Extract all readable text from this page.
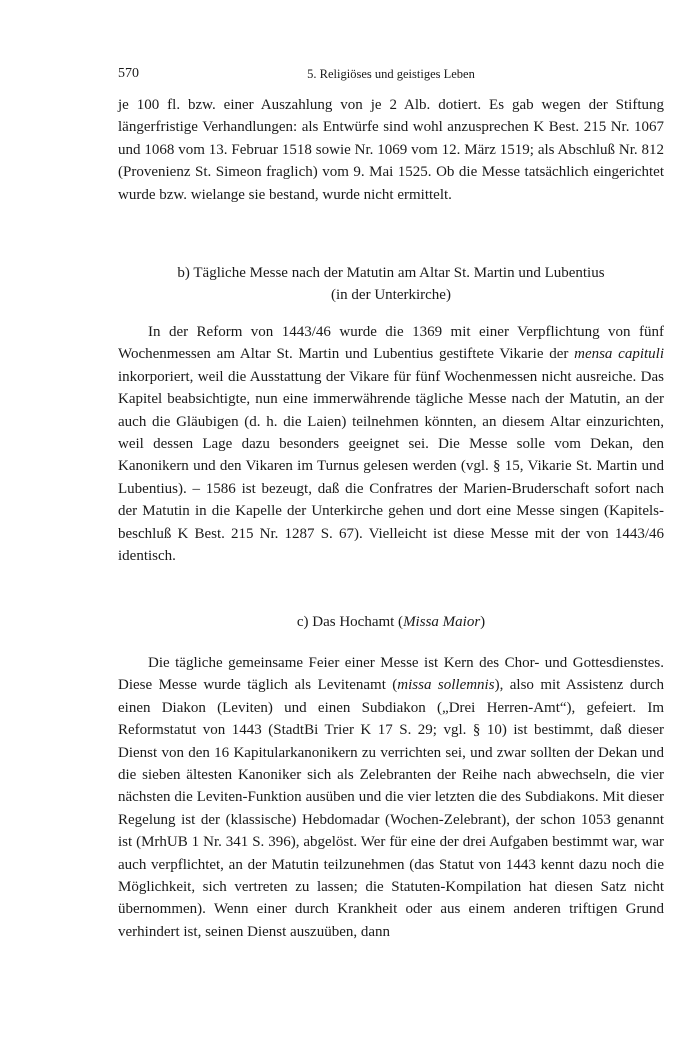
570	5. Religiöses und geistiges Leben

je 100 fl. bzw. einer Auszahlung von je 2 Alb. dotiert. Es gab wegen der Stiftung längerfristige Verhandlungen: als Entwürfe sind wohl anzusprechen K Best. 215 Nr. 1067 und 1068 vom 13. Februar 1518 sowie Nr. 1069 vom 12. März 1519; als Abschluß Nr. 812 (Provenienz St. Simeon fraglich) vom 9. Mai 1525. Ob die Messe tatsächlich eingerichtet wurde bzw. wielange sie bestand, wurde nicht ermittelt.

b) Tägliche Messe nach der Matutin am Altar St. Martin und Lubentius
(in der Unterkirche)

In der Reform von 1443/46 wurde die 1369 mit einer Verpflichtung von fünf Wochenmessen am Altar St. Martin und Lubentius gestiftete Vikarie der mensa capituli inkorporiert, weil die Ausstattung der Vikare für fünf Wochenmessen nicht ausreiche. Das Kapitel beabsichtigte, nun eine immerwährende tägliche Messe nach der Matutin, an der auch die Gläubigen (d. h. die Laien) teilnehmen könnten, an diesem Altar einzurichten, weil dessen Lage dazu besonders geeignet sei. Die Messe solle vom Dekan, den Kanonikern und den Vikaren im Turnus gelesen werden (vgl. § 15, Vikarie St. Martin und Lubentius). – 1586 ist bezeugt, daß die Confratres der Marien-Bruderschaft sofort nach der Matutin in die Kapelle der Unterkirche gehen und dort eine Messe singen (Kapitelsbeschluß K Best. 215 Nr. 1287 S. 67). Vielleicht ist diese Messe mit der von 1443/46 identisch.

c) Das Hochamt (Missa Maior)

Die tägliche gemeinsame Feier einer Messe ist Kern des Chor- und Gottesdienstes. Diese Messe wurde täglich als Levitenamt (missa sollemnis), also mit Assistenz durch einen Diakon (Leviten) und einen Subdiakon („Drei Herren-Amt“), gefeiert. Im Reformstatut von 1443 (StadtBi Trier K 17 S. 29; vgl. § 10) ist bestimmt, daß dieser Dienst von den 16 Kapitularkanonikern zu verrichten sei, und zwar sollten der Dekan und die sieben ältesten Kanoniker sich als Zelebranten der Reihe nach abwechseln, die vier nächsten die Leviten-Funktion ausüben und die vier letzten die des Subdiakons. Mit dieser Regelung ist der (klassische) Hebdomadar (Wochen-Zelebrant), der schon 1053 genannt ist (MrhUB 1 Nr. 341 S. 396), abgelöst. Wer für eine der drei Aufgaben bestimmt war, war auch verpflichtet, an der Matutin teilzunehmen (das Statut von 1443 kennt dazu noch die Möglichkeit, sich vertreten zu lassen; die Statuten-Kompilation hat diesen Satz nicht übernommen). Wenn einer durch Krankheit oder aus einem anderen triftigen Grund verhindert ist, seinen Dienst auszuüben, dann
